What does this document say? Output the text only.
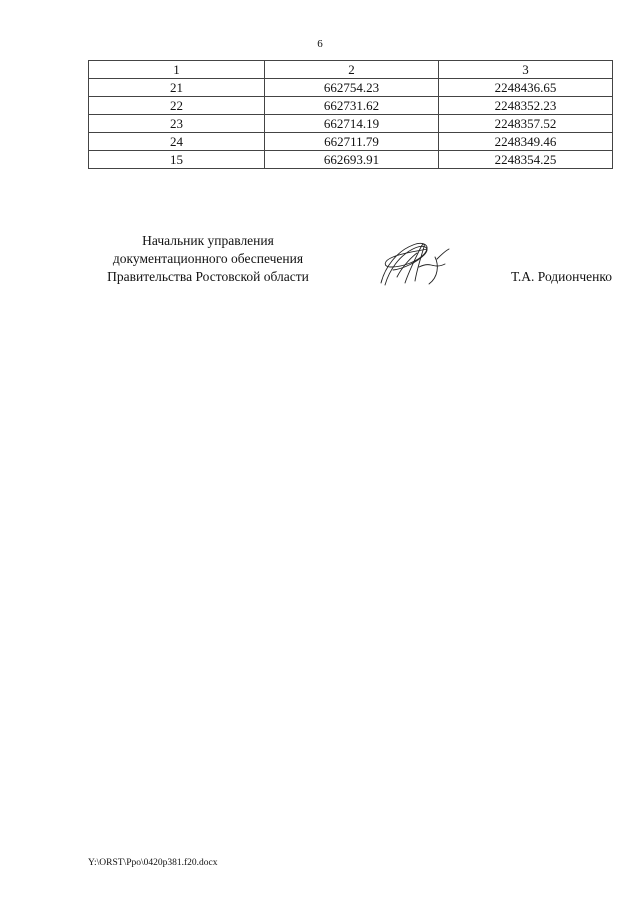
6
1	2	3
21	662754.23	2248436.65
22	662731.62	2248352.23
23	662714.19	2248357.52
24	662711.79	2248349.46
15	662693.91	2248354.25
Начальник управления
документационного обеспечения
Правительства Ростовской области	Т.А. Родионченко
Y:\ORST\Ppo\0420p381.f20.docx
